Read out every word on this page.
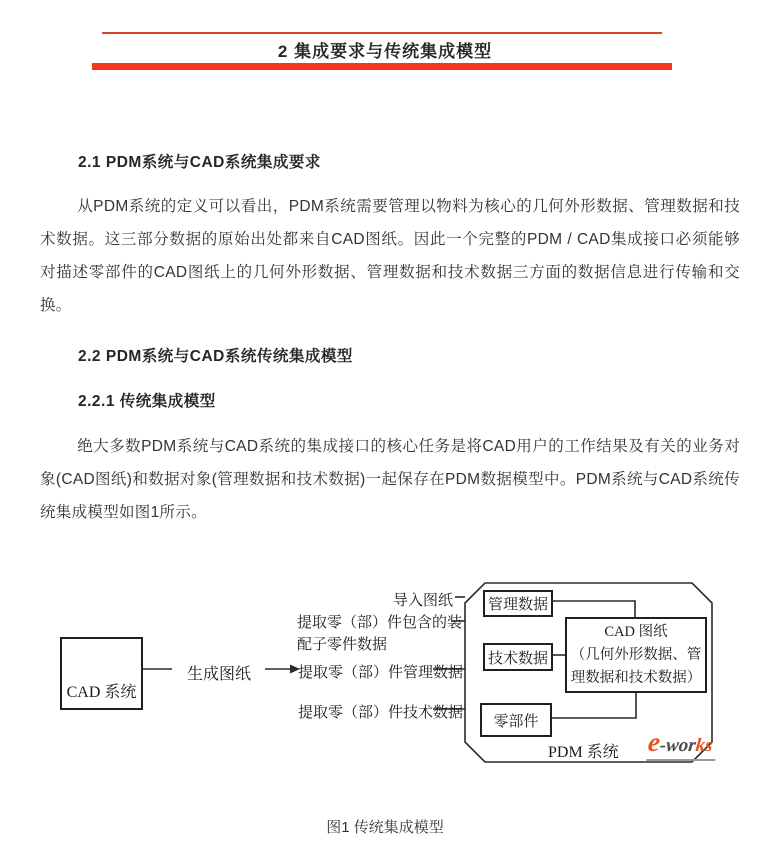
2 集成要求与传统集成模型
2.1 PDM系统与CAD系统集成要求
从PDM系统的定义可以看出，PDM系统需要管理以物料为核心的几何外形数据、管理数据和技术数据。这三部分数据的原始出处都来自CAD图纸。因此一个完整的PDM / CAD集成接口必须能够对描述零部件的CAD图纸上的几何外形数据、管理数据和技术数据三方面的数据信息进行传输和交换。
2.2 PDM系统与CAD系统传统集成模型
2.2.1 传统集成模型
绝大多数PDM系统与CAD系统的集成接口的核心任务是将CAD用户的工作结果及有关的业务对象(CAD图纸)和数据对象(管理数据和技术数据)一起保存在PDM数据模型中。PDM系统与CAD系统传统集成模型如图1所示。
CAD 系统
生成图纸
导入图纸
提取零（部）件包含的装
配子零件数据
提取零（部）件管理数据
提取零（部）件技术数据
管理数据
技术数据
零部件
CAD 图纸
（几何外形数据、管
理数据和技术数据）
PDM 系统 e-works
图1 传统集成模型
